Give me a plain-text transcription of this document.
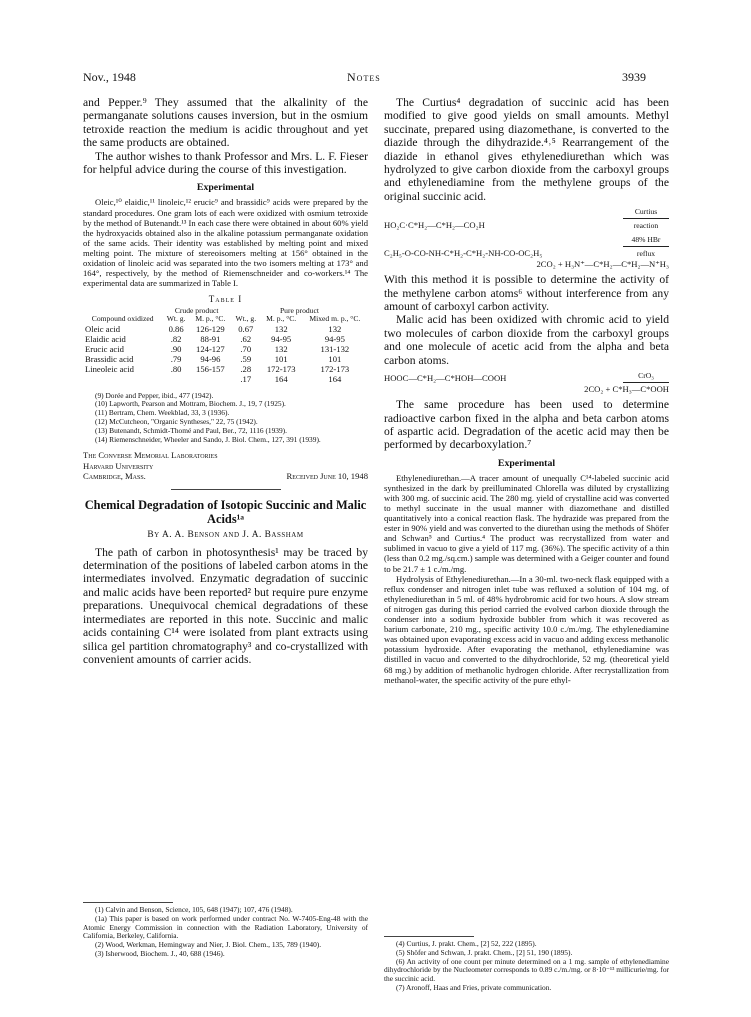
Nov., 1948	Notes	3939

and Pepper.⁹ They assumed that the alkalinity of the permanganate solutions causes inversion, but in the osmium tetroxide reaction the medium is acidic throughout and yet the same products are obtained.

The author wishes to thank Professor and Mrs. L. F. Fieser for helpful advice during the course of this investigation.

Experimental

Oleic,¹⁰ elaidic,¹¹ linoleic,¹² erucic⁹ and brassidic⁹ acids were prepared by the standard procedures. One gram lots of each were oxidized with osmium tetroxide by the method of Butenandt.¹³ In each case there were obtained in about 60% yield the hydroxyacids obtained also in the alkaline potassium permanganate oxidation of the same acids. Their identity was established by melting point and mixed melting point. The mixture of stereoisomers melting at 156° obtained in the oxidation of linoleic acid was separated into the two isomers melting at 173° and 164°, respectively, by the method of Riemenschneider and co-workers.¹⁴ The experimental data are summarized in Table I.

Table I
	Crude product		Pure product		
Compound oxidized	Wt. g.	M. p., °C.	Wt., g.	M. p., °C.	Mixed m. p., °C.
Oleic acid	0.86	126-129	0.67	132	132
Elaidic acid	.82	88-91	.62	94-95	94-95
Erucic acid	.90	124-127	.70	132	131-132
Brassidic acid	.79	94-96	.59	101	101
Lineoleic acid	.80	156-157	.28	172-173	172-173
			.17	164	164

(9) Dorée and Pepper, ibid., 477 (1942).

(10) Lapworth, Pearson and Mottram, Biochem. J., 19, 7 (1925).

(11) Bertram, Chem. Weekblad, 33, 3 (1936).

(12) McCutcheon, "Organic Syntheses," 22, 75 (1942).

(13) Butenandt, Schmidt-Thomé and Paul, Ber., 72, 1116 (1939).

(14) Riemenschneider, Wheeler and Sando, J. Biol. Chem., 127, 391 (1939).

The Converse Memorial Laboratories
Harvard University
Cambridge, Mass.	Received June 10, 1948
Chemical Degradation of Isotopic Succinic and Malic Acids¹ᵃ
By A. A. Benson and J. A. Bassham

The path of carbon in photosynthesis¹ may be traced by determination of the positions of labeled carbon atoms in the intermediates involved. Enzymatic degradation of succinic and malic acids have been reported² but require pure enzyme preparations. Unequivocal chemical degradations of these intermediates are reported in this note. Succinic and malic acids containing C¹⁴ were isolated from plant extracts using silica gel partition chromatography³ and co-crystallized with convenient amounts of carrier acids.

(1) Calvin and Benson, Science, 105, 648 (1947); 107, 476 (1948).

(1a) This paper is based on work performed under contract No. W-7405-Eng-48 with the Atomic Energy Commission in connection with the Radiation Laboratory, University of California, Berkeley, California.

(2) Wood, Werkman, Hemingway and Nier, J. Biol. Chem., 135, 789 (1940).

(3) Isherwood, Biochem. J., 40, 688 (1946).

The Curtius⁴ degradation of succinic acid has been modified to give good yields on small amounts. Methyl succinate, prepared using diazomethane, is converted to the diazide through the dihydrazide.⁴˒⁵ Rearrangement of the diazide in ethanol gives ethylenediurethan which was hydrolyzed to give carbon dioxide from the carboxyl groups and ethylenediamine from the methylene groups of the original succinic acid.

HO₂C·C*H₂—C*H₂—CO₂H
Curtius
reaction
C₂H₅-O-CO-NH-C*H₂-C*H₂-NH-CO-OC₂H₅
48% HBr
reflux
2CO₂ + H₃N⁺—C*H₂—C*H₂—N⁺H₃

With this method it is possible to determine the activity of the methylene carbon atoms⁶ without interference from any amount of carboxyl carbon activity.

Malic acid has been oxidized with chromic acid to yield two molecules of carbon dioxide from the carboxyl groups and one molecule of acetic acid from the alpha and beta carbon atoms.

HOOC—C*H₂—C*HOH—COOH	CrO₃
2CO₂ + C*H₃—C*OOH

The same procedure has been used to determine radioactive carbon fixed in the alpha and beta carbon atoms of aspartic acid. Degradation of the acetic acid may then be performed by decarboxylation.⁷

Experimental

Ethylenediurethan.—A tracer amount of unequally C¹⁴-labeled succinic acid synthesized in the dark by preilluminated Chlorella was diluted by crystallizing with 300 mg. of succinic acid. The 280 mg. yield of crystalline acid was converted to methyl succinate in the usual manner with diazomethane and distilled quantitatively into a conical reaction flask. The hydrazide was prepared from the ester in 90% yield and was converted to the diurethan using the methods of Shöfer and Schwan⁵ and Curtius.⁴ The product was recrystallized from water and sublimed in vacuo to give a yield of 117 mg. (36%). The specific activity of a thin (less than 0.2 mg./sq.cm.) sample was determined with a Geiger counter and found to be 21.7 ± 1 c./m./mg.

Hydrolysis of Ethylenediurethan.—In a 30-ml. two-neck flask equipped with a reflux condenser and nitrogen inlet tube was refluxed a solution of 104 mg. of ethylenediurethan in 5 ml. of 48% hydrobromic acid for two hours. A slow stream of nitrogen gas during this period carried the evolved carbon dioxide through the condenser into a sodium hydroxide bubbler from which it was recovered as barium carbonate, 210 mg., specific activity 10.0 c./m./mg. The ethylenediamine was obtained upon evaporating excess acid in vacuo and adding excess methanolic potassium hydroxide. After evaporating the methanol, ethylenediamine was distilled in vacuo and converted to the dihydrochloride, 52 mg. (theoretical yield 68 mg.) by addition of methanolic hydrogen chloride. After recrystallization from methanol-water, the specific activity of the pure ethyl-

(4) Curtius, J. prakt. Chem., [2] 52, 222 (1895).

(5) Shöfer and Schwan, J. prakt. Chem., [2] 51, 190 (1895).

(6) An activity of one count per minute determined on a 1 mg. sample of ethylenediamine dihydrochloride by the Nucleometer corresponds to 0.89 c./m./mg. or 8·10⁻¹³ millicurie/mg. for the succinic acid.

(7) Aronoff, Haas and Fries, private communication.
